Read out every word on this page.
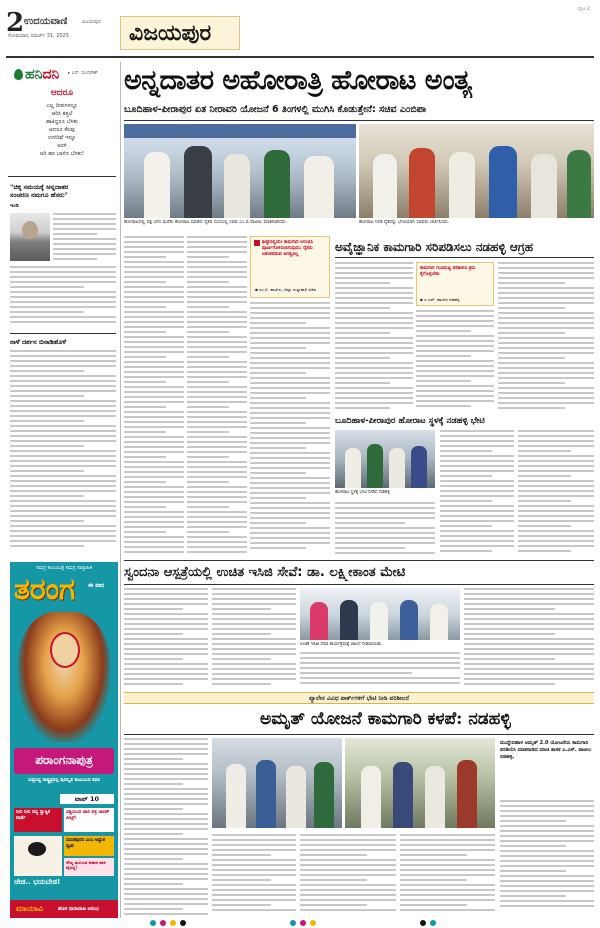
2 ಉದಯವಾಣಿ	ವಿಜಯಪುರ
ಸೋಮವಾರ, ಮಾರ್ಚ್ 31, 2025	ವಿಜಯಪುರ
ಪುಟ 2
ಹನಿದನಿ ▸ ಎಸ್. ಸುಂದರೇಶ್
ಆದರೂ
ಎಲ್ಲ ದೀಪಗಳನ್ನೂ
ಆರಿಸಿ ಕತ್ತಲೆ
ಹಾಕಿದ್ದರೂ ಬೆಳಕು
ಆದರೂ ಕೆಲವು
ಉಳಿದಿವೆ ಇನ್ನೂ
ಅರಳಿ
ಅರಿ ಹರ ಬಾಳಿದ ಬೆಳಕು!
"ಚಿಕ್ಕ ಸಮಯಕ್ಕೆ ಅನ್ನದಾತರ
ಸಂಚರಣ ನಮಗೂ ಹೆಸರು"
ಇಂಡಿ
ನಾಳೆ ದರ್ಶನ ಬಿನಾಡಿಹೊಳೆ
ಅನ್ನದಾತರ ಅಹೋರಾತ್ರಿ ಹೋರಾಟ ಅಂತ್ಯ
ಬೂದಿಹಾಳ-ಪೀರಾಪುರ ಏತ ನೀರಾವರಿ ಯೋಜನೆ 6 ತಿಂಗಳಲ್ಲಿ ಮುಗಿಸಿ ಕೊಡುತ್ತೇನೆ: ಸಚಿವ ಎಂಬಿಪಾ
ಹೋರಾಟದಲ್ಲಿ ಪಕ್ಷ ಭೇದ ಮರೆತು ಹೋರಾಟ ಮಾಡಿದ ರೈತರ ಸಭೆಯಲ್ಲಿ ಸಚಿವ ಎಂ.ಬಿ.ಪಾಟೀಲ ಮಾತನಾಡಿದರು.	ಹೋರಾಟ ನಿರತ ರೈತರನ್ನು ಭೇಟಿಯಾಗಿ ಸಚಿವರು ಚರ್ಚಿಸಿದರು.
ಶೀಘ್ರದಲ್ಲಿಯೇ ಕಾಮಗಾರಿ ಆರಂಭಿಸಿ ಪೂರ್ಣಗೊಳಿಸಲಾಗುವುದು; ರೈತರು ಆತಂಕಪಡುವ ಅಗತ್ಯವಿಲ್ಲ
▪ ಎಂ.ಬಿ. ಪಾಟೀಲ, ಜಿಲ್ಲಾ ಉಸ್ತುವಾರಿ ಸಚಿವ
ಅವೈಜ್ಞಾನಿಕ ಕಾಮಗಾರಿ ಸರಿಪಡಿಸಲು ನಡಹಳ್ಳಿ ಆಗ್ರಹ
ಕಾಮಗಾರಿ ಗುಣಮಟ್ಟ ಪರಿಶೀಲಿಸಿ ಕ್ರಮ ಕೈಗೊಳ್ಳಬೇಕು
▪ ಎ.ಎಸ್. ಪಾಟೀಲ ನಡಹಳ್ಳಿ
ಬೂದಿಹಾಳ-ಪೀರಾಪುರ ಹೋರಾಟ ಸ್ಥಳಕ್ಕೆ ನಡಹಳ್ಳಿ ಭೇಟಿ
ಹೋರಾಟ ಸ್ಥಳಕ್ಕೆ ಭೇಟಿ ನೀಡಿದ ನಡಹಳ್ಳಿ
ಸಮಗ್ರ ಕುಟುಂಬಕ್ಕೆ ಸಮಗ್ರ ಸಾಪ್ತಾಹಿಕ
ತರಂಗ ಈ ವಾರ
ಪರಾಂಗನಾಪುತ್ರ
ಸುಪ್ರಸಿದ್ಧ ರಾಷ್ಟ್ರಪ್ರಶಸ್ತಿ ಪುರಸ್ಕೃತ ಕುಟುಂಬದ ಕಥನ
ಟಾಪ್ 10
ನೀನಿ ನೀನಿ ನದ್ಯ ಸ್ವಾತ್ವಿಕ ವಾರ್ತೆ
ವಿಶ್ಚಿಯಂದ ಜಾಲಿ ಪತ್ರ ಜಾಣಿಕ್ ಪೀಟ್ಸ್!
ವಸಂತಪುರದ ಎಂಬ ಅದ್ಭುತ ದ್ವೀಪ
ಸೌಖ್ಯ ತುಂಬುವ ಆಹಾರ ಪಾಕ ವೈವಿಧ್ಯ!
ಜೇಡ.. ಭಯಬೇಡ!
ಮಾಯಾವಿ	ಹೊಸ ಧಾರಾವಾಹಿ ಆರಂಭ
ಸ್ವಂದನಾ ಆಸ್ಪತ್ರೆಯಲ್ಲಿ ಉಚಿತ ಇಸಿಜಿ ಸೇವೆ: ಡಾ. ಲಕ್ಷ್ಮೀಕಾಂತ ಮೇಟಿ
ಉಚಿತ ಇಸಿಜಿ ಸೇವಾ ಕಾರ್ಯಕ್ರಮಕ್ಕೆ ಚಾಲನೆ ನೀಡಲಾಯಿತು.
ಪ್ಯಾಲೇಸ ವಿವಿಧ ಪಾರ್ಕ್‌ಗಳಿಗೆ ಭೇಟಿ ನೀಡಿ ಪರಿಶೀಲನೆ
ಅಮೃತ್ ಯೋಜನೆ ಕಾಮಗಾರಿ ಕಳಪೆ: ನಡಹಳ್ಳಿ
ಮುದ್ದೇಬಿಹಾಳ ಅಮೃತ್ 2.0 ಯೋಜನೆಯ ಕಾಮಗಾರಿ ಪರಿಶೀಲಿಸಿ ಮಾತನಾಡಿದ ಮಾಜಿ ಶಾಸಕ ಎ.ಎಸ್. ಪಾಟೀಲ ನಡಹಳ್ಳಿ.
